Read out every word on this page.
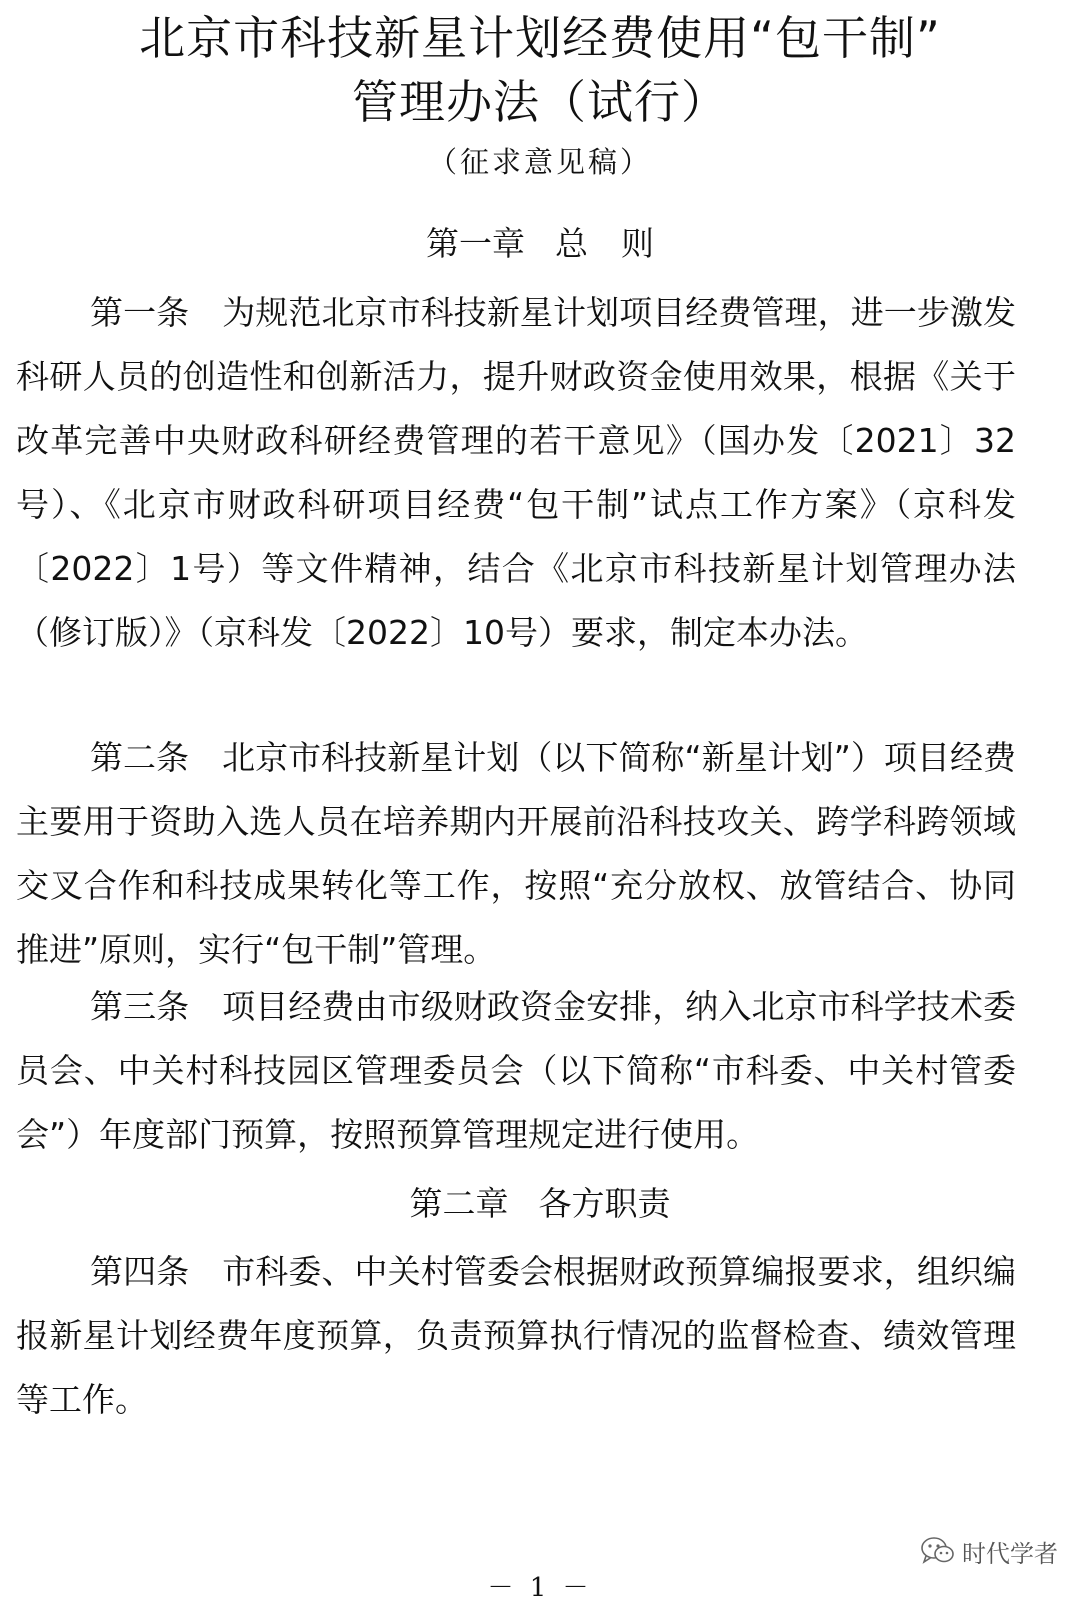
北京市科技新星计划经费使用“包干制”
管理办法（试行）
（征求意见稿）
第一章 总　则

第一条 为规范北京市科技新星计划项目经费管理，进一步激发科研人员的创造性和创新活力，提升财政资金使用效果，根据《关于改革完善中央财政科研经费管理的若干意见》（国办发〔2021〕32号）、《北京市财政科研项目经费“包干制”试点工作方案》（京科发〔2022〕1号）等文件精神，结合《北京市科技新星计划管理办法（修订版）》（京科发〔2022〕10号）要求，制定本办法。

第二条 北京市科技新星计划（以下简称“新星计划”）项目经费主要用于资助入选人员在培养期内开展前沿科技攻关、跨学科跨领域交叉合作和科技成果转化等工作，按照“充分放权、放管结合、协同推进”原则，实行“包干制”管理。

第三条 项目经费由市级财政资金安排，纳入北京市科学技术委员会、中关村科技园区管理委员会（以下简称“市科委、中关村管委会”）年度部门预算，按照预算管理规定进行使用。

第二章 各方职责

第四条 市科委、中关村管委会根据财政预算编报要求，组织编报新星计划经费年度预算，负责预算执行情况的监督检查、绩效管理等工作。

时代学者
－ 1 －
